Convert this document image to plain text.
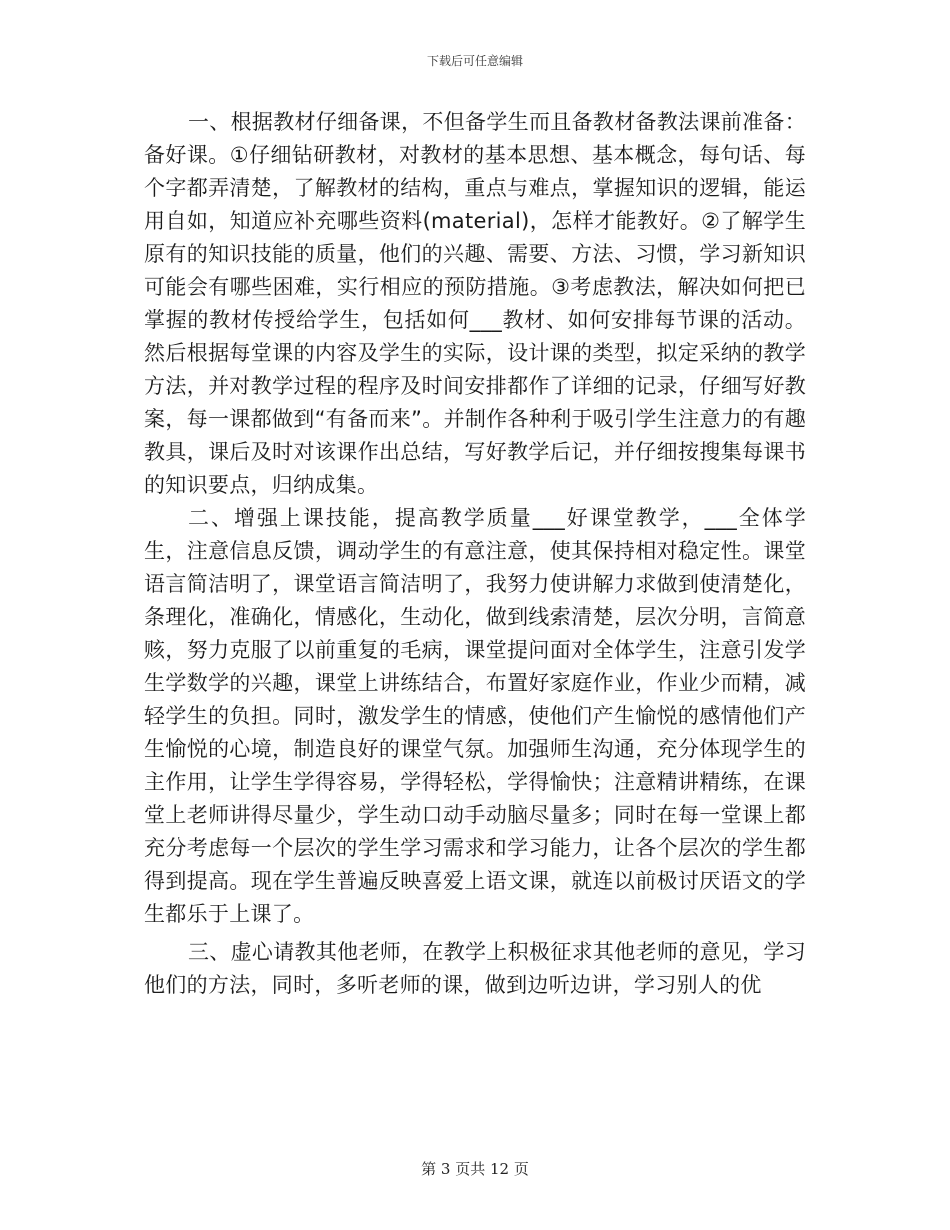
下载后可任意编辑

一、根据教材仔细备课，不但备学生而且备教材备教法课前准备：备好课。①仔细钻研教材，对教材的基本思想、基本概念，每句话、每个字都弄清楚，了解教材的结构，重点与难点，掌握知识的逻辑，能运用自如，知道应补充哪些资料(material)，怎样才能教好。②了解学生原有的知识技能的质量，他们的兴趣、需要、方法、习惯，学习新知识可能会有哪些困难，实行相应的预防措施。③考虑教法，解决如何把已掌握的教材传授给学生，包括如何___教材、如何安排每节课的活动。然后根据每堂课的内容及学生的实际，设计课的类型，拟定采纳的教学方法，并对教学过程的程序及时间安排都作了详细的记录，仔细写好教案，每一课都做到“有备而来”。并制作各种利于吸引学生注意力的有趣教具，课后及时对该课作出总结，写好教学后记，并仔细按搜集每课书的知识要点，归纳成集。

二、增强上课技能，提高教学质量___好课堂教学，___全体学生，注意信息反馈，调动学生的有意注意，使其保持相对稳定性。课堂语言简洁明了，课堂语言简洁明了，我努力使讲解力求做到使清楚化，条理化，准确化，情感化，生动化，做到线索清楚，层次分明，言简意赅，努力克服了以前重复的毛病，课堂提问面对全体学生，注意引发学生学数学的兴趣，课堂上讲练结合，布置好家庭作业，作业少而精，减轻学生的负担。同时，激发学生的情感，使他们产生愉悦的感情他们产生愉悦的心境，制造良好的课堂气氛。加强师生沟通，充分体现学生的主作用，让学生学得容易，学得轻松，学得愉快；注意精讲精练，在课堂上老师讲得尽量少，学生动口动手动脑尽量多；同时在每一堂课上都充分考虑每一个层次的学生学习需求和学习能力，让各个层次的学生都得到提高。现在学生普遍反映喜爱上语文课，就连以前极讨厌语文的学生都乐于上课了。

三、虚心请教其他老师，在教学上积极征求其他老师的意见，学习他们的方法，同时，多听老师的课，做到边听边讲，学习别人的优

第 3 页共 12 页
